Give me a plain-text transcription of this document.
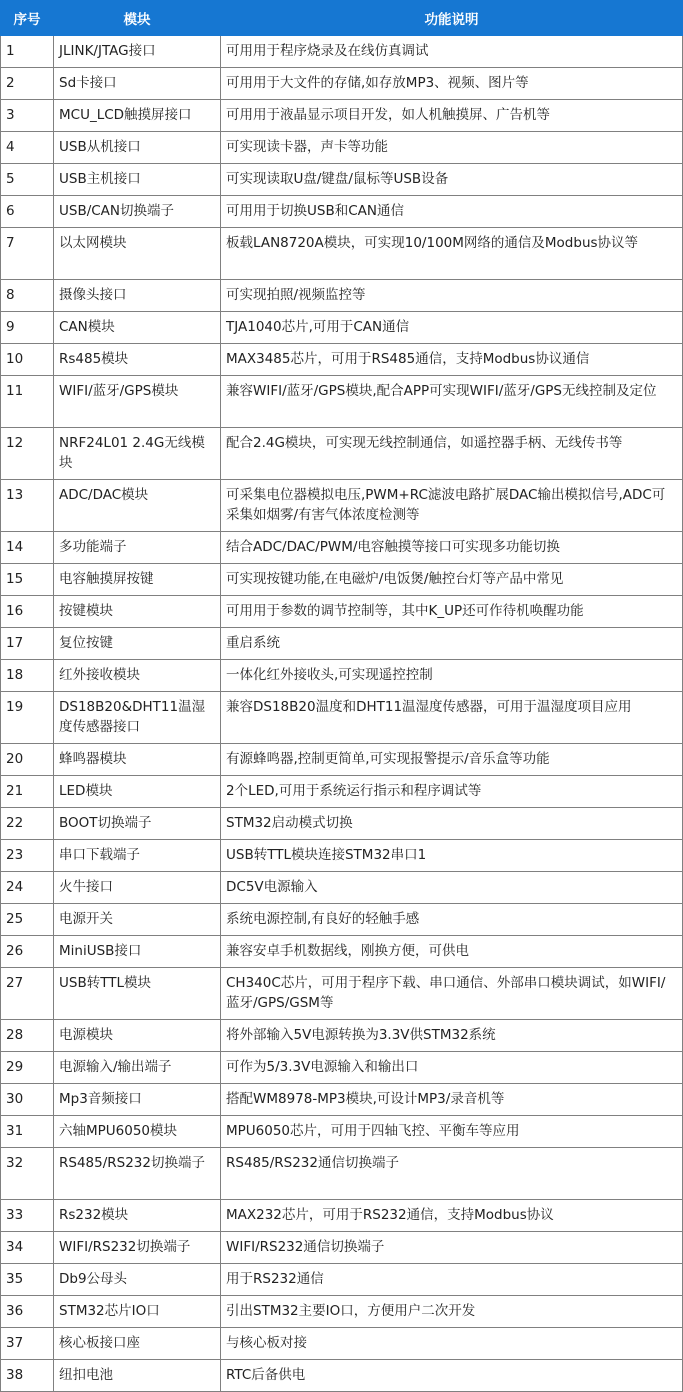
序号	模块	功能说明
1	JLINK/JTAG接口	可用用于程序烧录及在线仿真调试
2	Sd卡接口	可用用于大文件的存储,如存放MP3、视频、图片等
3	MCU_LCD触摸屏接口	可用用于液晶显示项目开发，如人机触摸屏、广告机等
4	USB从机接口	可实现读卡器，声卡等功能
5	USB主机接口	可实现读取U盘/键盘/鼠标等USB设备
6	USB/CAN切换端子	可用用于切换USB和CAN通信
7	以太网模块	板载LAN8720A模块，可实现10/100M网络的通信及Modbus协议等
8	摄像头接口	可实现拍照/视频监控等
9	CAN模块	TJA1040芯片,可用于CAN通信
10	Rs485模块	MAX3485芯片，可用于RS485通信，支持Modbus协议通信
11	WIFI/蓝牙/GPS模块	兼容WIFI/蓝牙/GPS模块,配合APP可实现WIFI/蓝牙/GPS无线控制及定位
12	NRF24L01 2.4G无线模块	配合2.4G模块，可实现无线控制通信，如遥控器手柄、无线传书等
13	ADC/DAC模块	可采集电位器模拟电压,PWM+RC滤波电路扩展DAC输出模拟信号,ADC可采集如烟雾/有害气体浓度检测等
14	多功能端子	结合ADC/DAC/PWM/电容触摸等接口可实现多功能切换
15	电容触摸屏按键	可实现按键功能,在电磁炉/电饭煲/触控台灯等产品中常见
16	按键模块	可用用于参数的调节控制等，其中K_UP还可作待机唤醒功能
17	复位按键	重启系统
18	红外接收模块	一体化红外接收头,可实现遥控控制
19	DS18B20&DHT11温湿度传感器接口	兼容DS18B20温度和DHT11温湿度传感器，可用于温湿度项目应用
20	蜂鸣器模块	有源蜂鸣器,控制更简单,可实现报警提示/音乐盒等功能
21	LED模块	2个LED,可用于系统运行指示和程序调试等
22	BOOT切换端子	STM32启动模式切换
23	串口下载端子	USB转TTL模块连接STM32串口1
24	火牛接口	DC5V电源输入
25	电源开关	系统电源控制,有良好的轻触手感
26	MiniUSB接口	兼容安卓手机数据线，刚换方便，可供电
27	USB转TTL模块	CH340C芯片，可用于程序下载、串口通信、外部串口模块调试，如WIFI/蓝牙/GPS/GSM等
28	电源模块	将外部输入5V电源转换为3.3V供STM32系统
29	电源输入/输出端子	可作为5/3.3V电源输入和输出口
30	Mp3音频接口	搭配WM8978-MP3模块,可设计MP3/录音机等
31	六轴MPU6050模块	MPU6050芯片，可用于四轴飞控、平衡车等应用
32	RS485/RS232切换端子	RS485/RS232通信切换端子
33	Rs232模块	MAX232芯片，可用于RS232通信，支持Modbus协议
34	WIFI/RS232切换端子	WIFI/RS232通信切换端子
35	Db9公母头	用于RS232通信
36	STM32芯片IO口	引出STM32主要IO口，方便用户二次开发
37	核心板接口座	与核心板对接
38	纽扣电池	RTC后备供电
